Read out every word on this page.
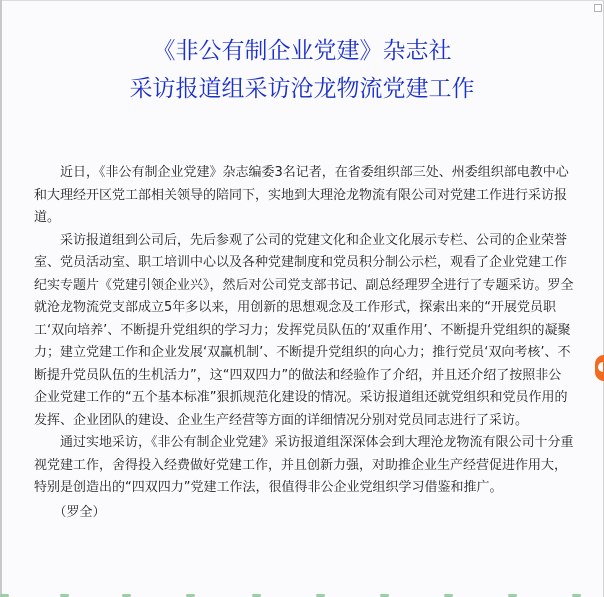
《非公有制企业党建》杂志社
采访报道组采访沧龙物流党建工作

近日，《非公有制企业党建》杂志编委3名记者，在省委组织部三处、州委组织部电教中心和大理经开区党工部相关领导的陪同下，实地到大理沧龙物流有限公司对党建工作进行采访报道。

采访报道组到公司后，先后参观了公司的党建文化和企业文化展示专栏、公司的企业荣誉室、党员活动室、职工培训中心以及各种党建制度和党员积分制公示栏，观看了企业党建工作纪实专题片《党建引领企业兴》，然后对公司党支部书记、副总经理罗全进行了专题采访。罗全就沧龙物流党支部成立5年多以来，用创新的思想观念及工作形式，探索出来的“开展党员职工‘双向培养’、不断提升党组织的学习力；发挥党员队伍的‘双重作用’、不断提升党组织的凝聚力；建立党建工作和企业发展‘双赢机制’、不断提升党组织的向心力；推行党员‘双向考核’、不断提升党员队伍的生机活力”，这“四双四力”的做法和经验作了介绍，并且还介绍了按照非公企业党建工作的“五个基本标准”狠抓规范化建设的情况。采访报道组还就党组织和党员作用的发挥、企业团队的建设、企业生产经营等方面的详细情况分别对党员同志进行了采访。

通过实地采访，《非公有制企业党建》采访报道组深深体会到大理沧龙物流有限公司十分重视党建工作，舍得投入经费做好党建工作，并且创新力强，对助推企业生产经营促进作用大，特别是创造出的“四双四力”党建工作法，很值得非公企业党组织学习借鉴和推广。

（罗全）
